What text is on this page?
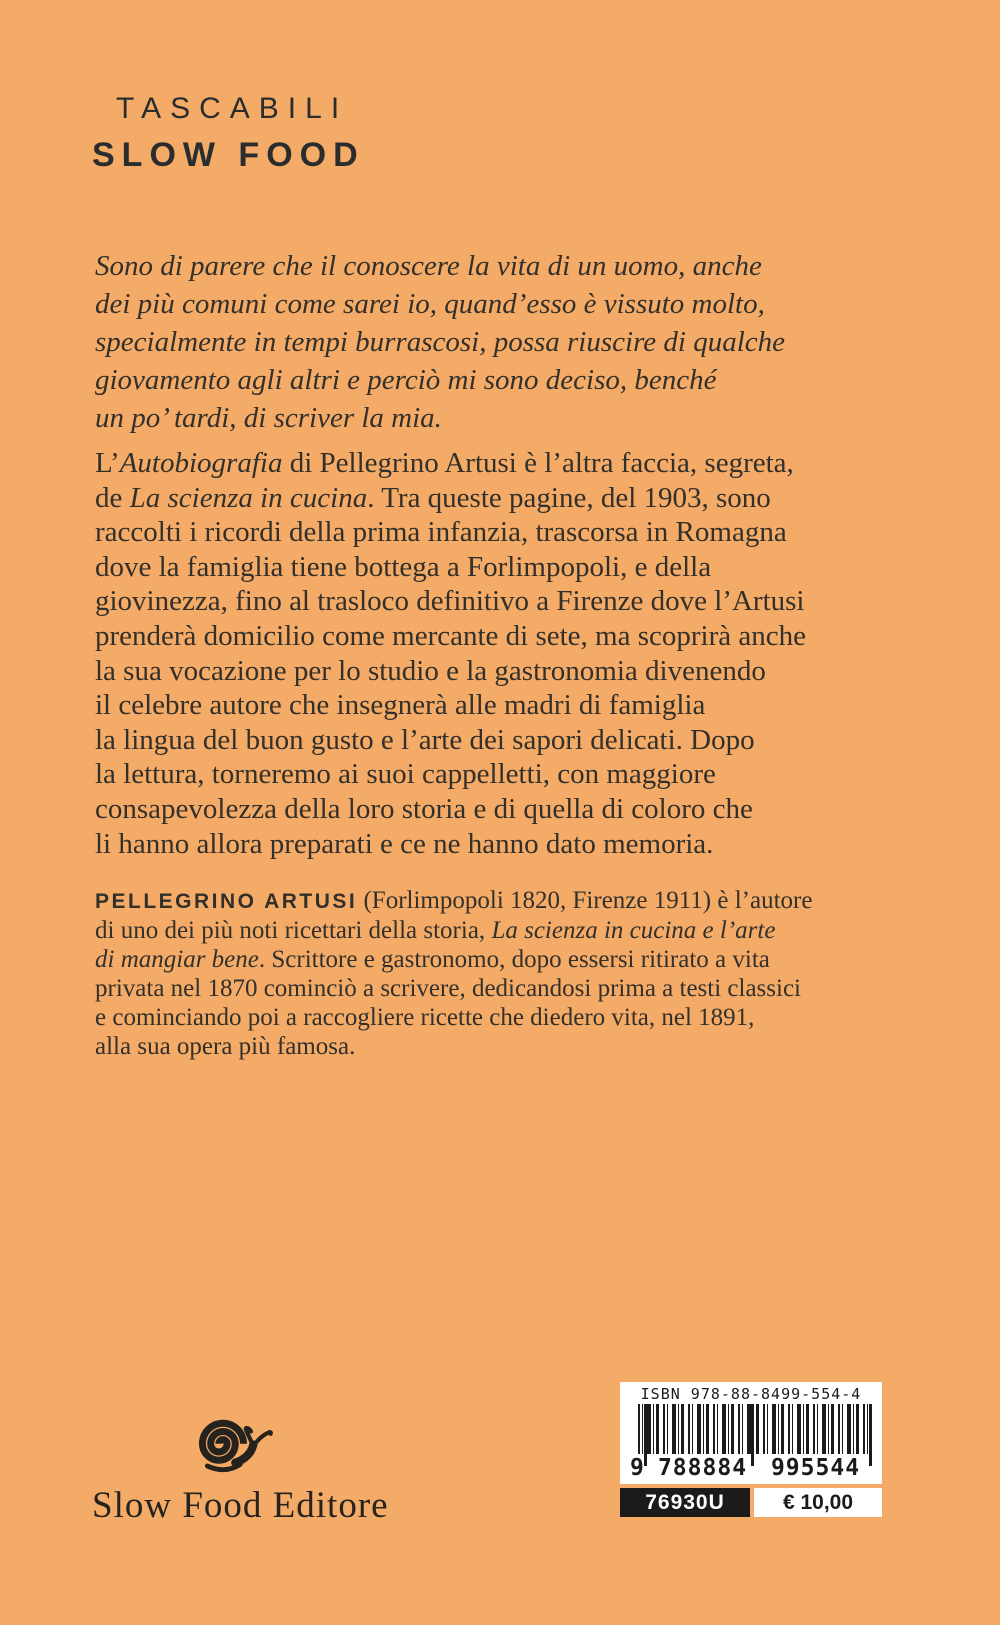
TASCABILI
SLOW FOOD
Sono di parere che il conoscere la vita di un uomo, anche
dei più comuni come sarei io, quand’esso è vissuto molto,
specialmente in tempi burrascosi, possa riuscire di qualche
giovamento agli altri e perciò mi sono deciso, benché
un po’ tardi, di scriver la mia.
L’Autobiografia di Pellegrino Artusi è l’altra faccia, segreta,
de La scienza in cucina. Tra queste pagine, del 1903, sono
raccolti i ricordi della prima infanzia, trascorsa in Romagna
dove la famiglia tiene bottega a Forlimpopoli, e della
giovinezza, fino al trasloco definitivo a Firenze dove l’Artusi
prenderà domicilio come mercante di sete, ma scoprirà anche
la sua vocazione per lo studio e la gastronomia divenendo
il celebre autore che insegnerà alle madri di famiglia
la lingua del buon gusto e l’arte dei sapori delicati. Dopo
la lettura, torneremo ai suoi cappelletti, con maggiore
consapevolezza della loro storia e di quella di coloro che
li hanno allora preparati e ce ne hanno dato memoria.
PELLEGRINO ARTUSI (Forlimpopoli 1820, Firenze 1911) è l’autore
di uno dei più noti ricettari della storia, La scienza in cucina e l’arte
di mangiar bene. Scrittore e gastronomo, dopo essersi ritirato a vita
privata nel 1870 cominciò a scrivere, dedicandosi prima a testi classici
e cominciando poi a raccogliere ricette che diedero vita, nel 1891,
alla sua opera più famosa.
Slow Food Editore
ISBN 978-88-8499-554-4
9 788884	995544
76930U	€ 10,00
